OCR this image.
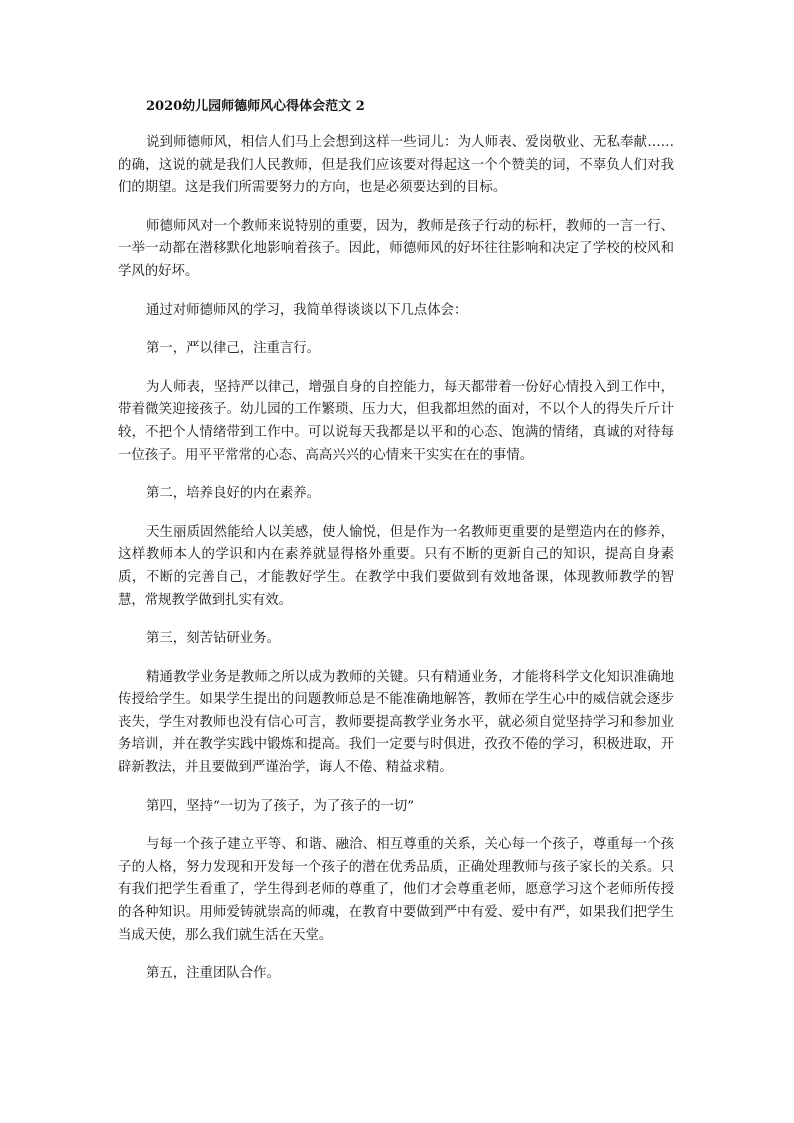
2020幼儿园师德师风心得体会范文 2

说到师德师风，相信人们马上会想到这样一些词儿：为人师表、爱岗敬业、无私奉献……的确，这说的就是我们人民教师，但是我们应该要对得起这一个个赞美的词，不辜负人们对我们的期望。这是我们所需要努力的方向，也是必须要达到的目标。

师德师风对一个教师来说特别的重要，因为，教师是孩子行动的标杆，教师的一言一行、一举一动都在潜移默化地影响着孩子。因此，师德师风的好坏往往影响和决定了学校的校风和学风的好坏。

通过对师德师风的学习，我简单得谈谈以下几点体会：

第一，严以律己，注重言行。

为人师表，坚持严以律己，增强自身的自控能力，每天都带着一份好心情投入到工作中，带着微笑迎接孩子。幼儿园的工作繁琐、压力大，但我都坦然的面对，不以个人的得失斤斤计较，不把个人情绪带到工作中。可以说每天我都是以平和的心态、饱满的情绪，真诚的对待每一位孩子。用平平常常的心态、高高兴兴的心情来干实实在在的事情。

第二，培养良好的内在素养。

天生丽质固然能给人以美感，使人愉悦，但是作为一名教师更重要的是塑造内在的修养，这样教师本人的学识和内在素养就显得格外重要。只有不断的更新自己的知识，提高自身素质，不断的完善自己，才能教好学生。在教学中我们要做到有效地备课，体现教师教学的智慧，常规教学做到扎实有效。

第三，刻苦钻研业务。

精通教学业务是教师之所以成为教师的关键。只有精通业务，才能将科学文化知识准确地传授给学生。如果学生提出的问题教师总是不能准确地解答，教师在学生心中的威信就会逐步丧失，学生对教师也没有信心可言，教师要提高教学业务水平，就必须自觉坚持学习和参加业务培训，并在教学实践中锻炼和提高。我们一定要与时俱进，孜孜不倦的学习，积极进取，开辟新教法，并且要做到严谨治学，诲人不倦、精益求精。

第四，坚持“一切为了孩子，为了孩子的一切”

与每一个孩子建立平等、和谐、融洽、相互尊重的关系，关心每一个孩子，尊重每一个孩子的人格，努力发现和开发每一个孩子的潜在优秀品质，正确处理教师与孩子家长的关系。只有我们把学生看重了，学生得到老师的尊重了，他们才会尊重老师，愿意学习这个老师所传授的各种知识。用师爱铸就崇高的师魂，在教育中要做到严中有爱、爱中有严，如果我们把学生当成天使，那么我们就生活在天堂。

第五，注重团队合作。
